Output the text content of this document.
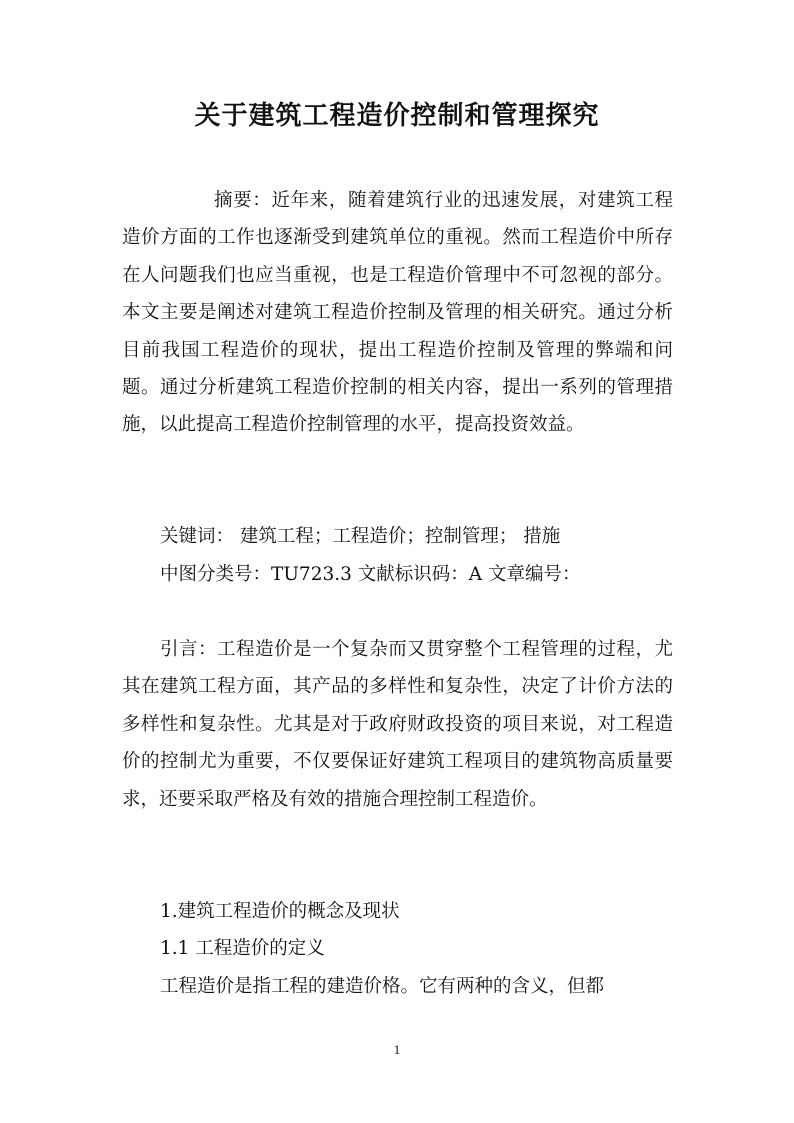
关于建筑工程造价控制和管理探究
摘要：近年来，随着建筑行业的迅速发展，对建筑工程造价方面的工作也逐渐受到建筑单位的重视。然而工程造价中所存在人问题我们也应当重视，也是工程造价管理中不可忽视的部分。本文主要是阐述对建筑工程造价控制及管理的相关研究。通过分析目前我国工程造价的现状，提出工程造价控制及管理的弊端和问题。通过分析建筑工程造价控制的相关内容，提出一系列的管理措施，以此提高工程造价控制管理的水平，提高投资效益。
关键词： 建筑工程；工程造价；控制管理； 措施
中图分类号：TU723.3 文献标识码：A 文章编号：
引言：工程造价是一个复杂而又贯穿整个工程管理的过程，尤其在建筑工程方面，其产品的多样性和复杂性，决定了计价方法的多样性和复杂性。尤其是对于政府财政投资的项目来说，对工程造价的控制尤为重要，不仅要保证好建筑工程项目的建筑物高质量要求，还要采取严格及有效的措施合理控制工程造价。
1.建筑工程造价的概念及现状
1.1 工程造价的定义
工程造价是指工程的建造价格。它有两种的含义，但都
1
